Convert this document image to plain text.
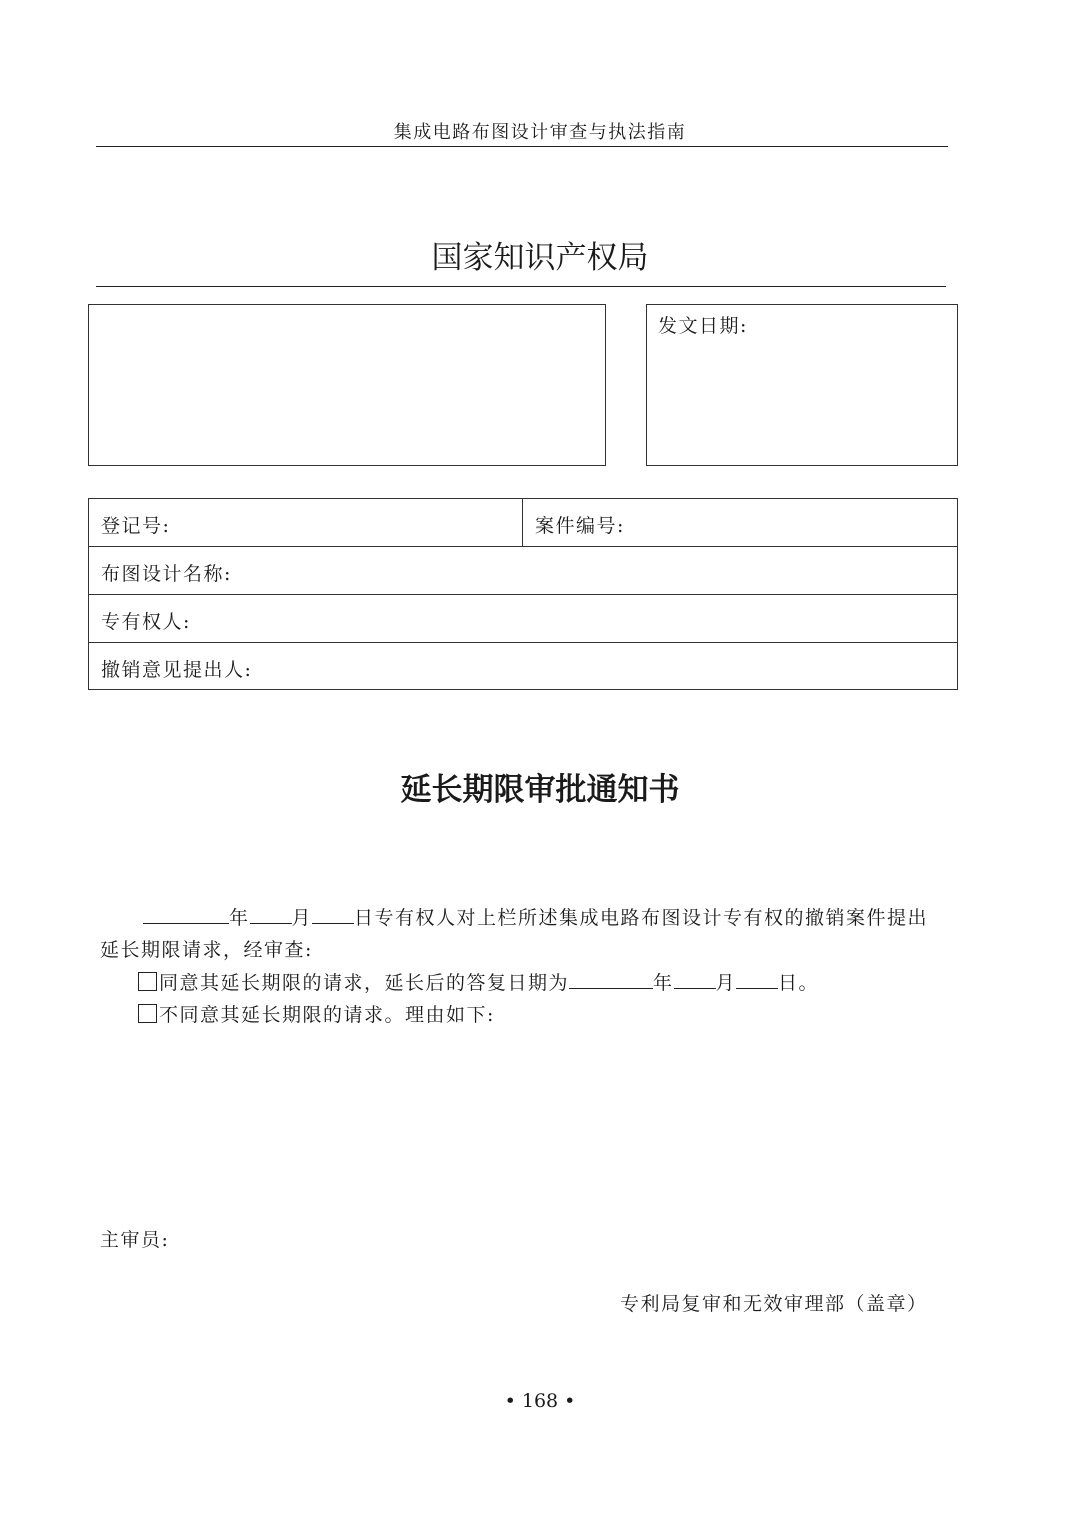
集成电路布图设计审查与执法指南
国家知识产权局
发文日期:
登记号:	案件编号:
布图设计名称:
专有权人:
撤销意见提出人:
延长期限审批通知书
年 月 日专有权人对上栏所述集成电路布图设计专有权的撤销案件提出
延长期限请求，经审查:
同意其延长期限的请求，延长后的答复日期为	年 月 日。
不同意其延长期限的请求。理由如下:
主审员:
专利局复审和无效审理部（盖章）
• 168 •
